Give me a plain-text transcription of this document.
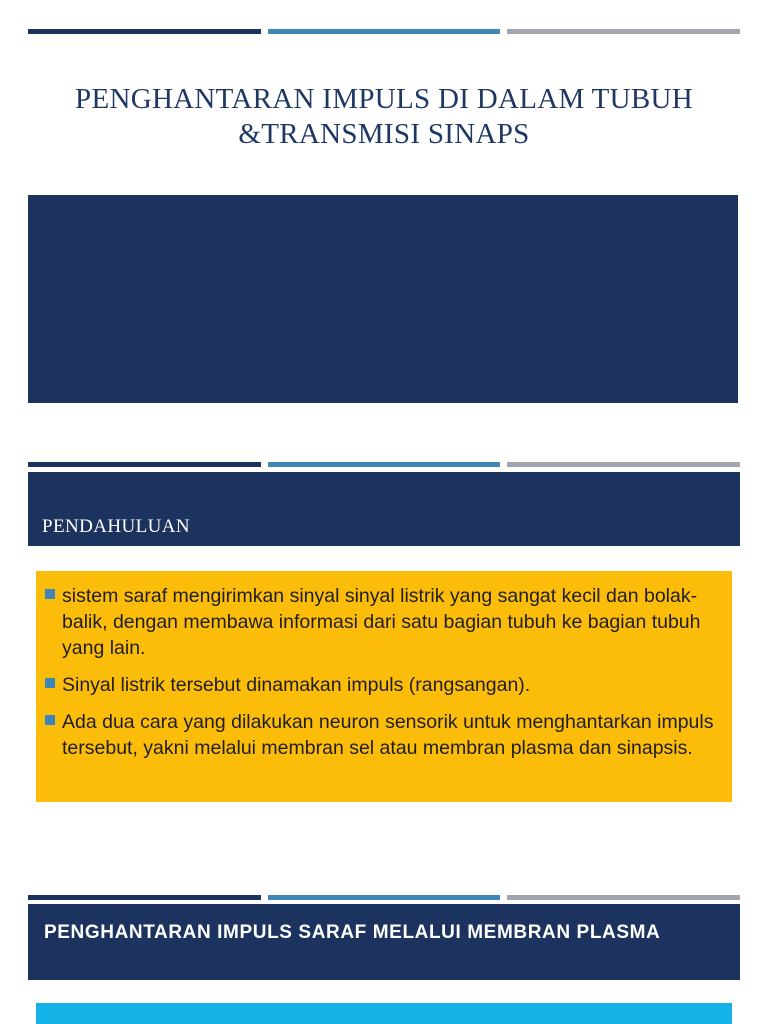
PENGHANTARAN IMPULS DI DALAM TUBUH
&TRANSMISI SINAPS
PENDAHULUAN
sistem saraf mengirimkan sinyal sinyal listrik yang sangat kecil dan bolak-balik, dengan membawa informasi dari satu bagian tubuh ke bagian tubuh yang lain.
Sinyal listrik tersebut dinamakan impuls (rangsangan).
Ada dua cara yang dilakukan neuron sensorik untuk menghantarkan impuls tersebut, yakni melalui membran sel atau membran plasma dan sinapsis.
PENGHANTARAN IMPULS SARAF MELALUI MEMBRAN PLASMA
